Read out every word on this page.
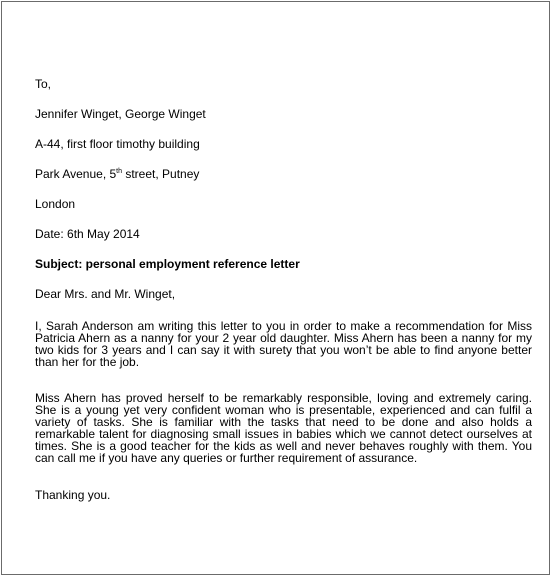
To,
Jennifer Winget, George Winget
A-44, first floor timothy building
Park Avenue, 5th street, Putney
London
Date: 6th May 2014
Subject: personal employment reference letter
Dear Mrs. and Mr. Winget,
I, Sarah Anderson am writing this letter to you in order to make a recommendation for Miss Patricia Ahern as a nanny for your 2 year old daughter. Miss Ahern has been a nanny for my two kids for 3 years and I can say it with surety that you won’t be able to find anyone better than her for the job.
Miss Ahern has proved herself to be remarkably responsible, loving and extremely caring. She is a young yet very confident woman who is presentable, experienced and can fulfil a variety of tasks. She is familiar with the tasks that need to be done and also holds a remarkable talent for diagnosing small issues in babies which we cannot detect ourselves at times. She is a good teacher for the kids as well and never behaves roughly with them. You can call me if you have any queries or further requirement of assurance.
Thanking you.
